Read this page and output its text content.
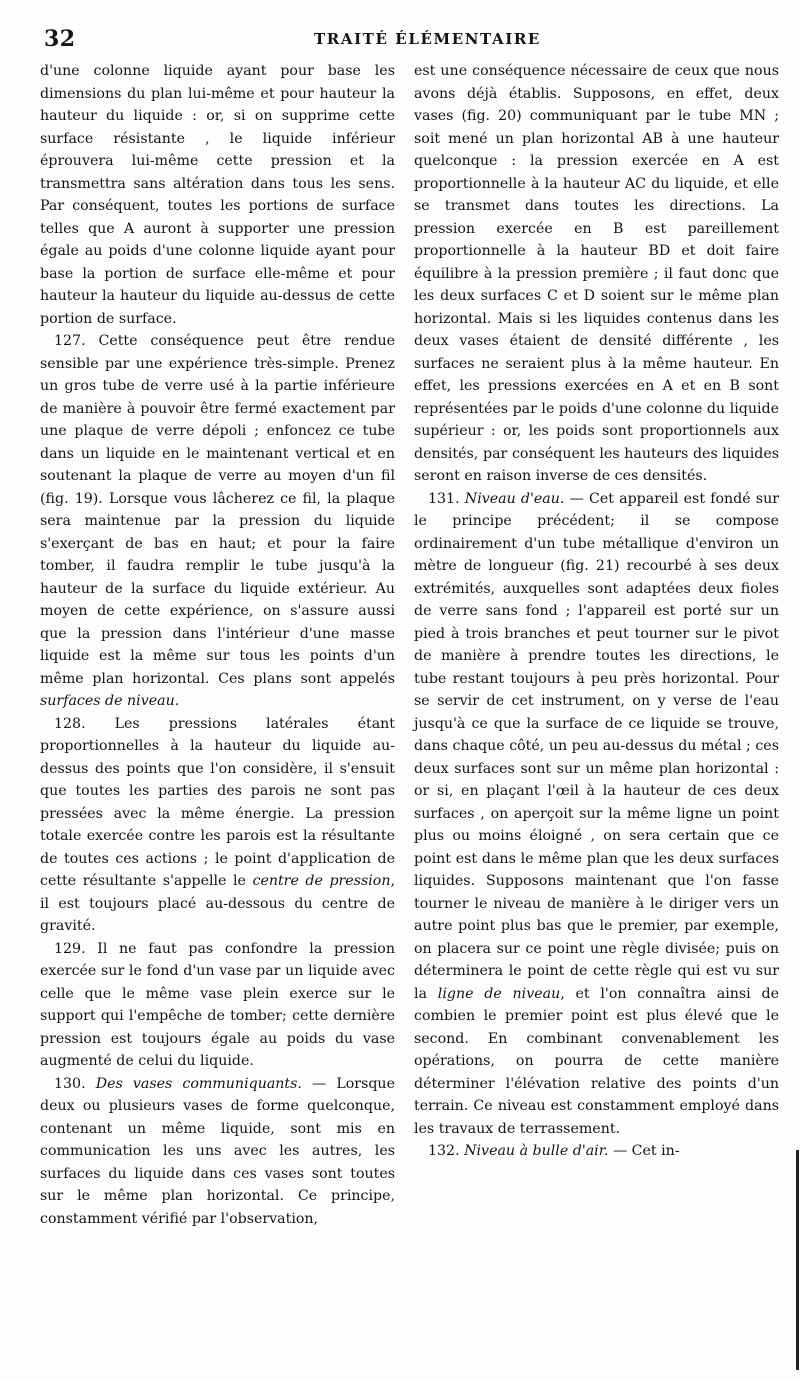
32	TRAITÉ ÉLÉMENTAIRE

d'une colonne liquide ayant pour base les dimensions du plan lui-même et pour hauteur la hauteur du liquide : or, si on supprime cette surface résistante , le liquide inférieur éprouvera lui-même cette pression et la transmettra sans altération dans tous les sens. Par conséquent, toutes les portions de surface telles que A auront à supporter une pression égale au poids d'une colonne liquide ayant pour base la portion de surface elle-même et pour hauteur la hauteur du liquide au-dessus de cette portion de surface.

127. Cette conséquence peut être rendue sensible par une expérience très-simple. Prenez un gros tube de verre usé à la partie inférieure de manière à pouvoir être fermé exactement par une plaque de verre dépoli ; enfoncez ce tube dans un liquide en le maintenant vertical et en soutenant la plaque de verre au moyen d'un fil (fig. 19). Lorsque vous lâcherez ce fil, la plaque sera maintenue par la pression du liquide s'exerçant de bas en haut; et pour la faire tomber, il faudra remplir le tube jusqu'à la hauteur de la surface du liquide extérieur. Au moyen de cette expérience, on s'assure aussi que la pression dans l'intérieur d'une masse liquide est la même sur tous les points d'un même plan horizontal. Ces plans sont appelés surfaces de niveau.

128. Les pressions latérales étant proportionnelles à la hauteur du liquide au-dessus des points que l'on considère, il s'ensuit que toutes les parties des parois ne sont pas pressées avec la même énergie. La pression totale exercée contre les parois est la résultante de toutes ces actions ; le point d'application de cette résultante s'appelle le centre de pression, il est toujours placé au-dessous du centre de gravité.

129. Il ne faut pas confondre la pression exercée sur le fond d'un vase par un liquide avec celle que le même vase plein exerce sur le support qui l'empêche de tomber; cette dernière pression est toujours égale au poids du vase augmenté de celui du liquide.

130. Des vases communiquants. — Lorsque deux ou plusieurs vases de forme quelconque, contenant un même liquide, sont mis en communication les uns avec les autres, les surfaces du liquide dans ces vases sont toutes sur le même plan horizontal. Ce principe, constamment vérifié par l'observation,

est une conséquence nécessaire de ceux que nous avons déjà établis. Supposons, en effet, deux vases (fig. 20) communiquant par le tube MN ; soit mené un plan horizontal AB à une hauteur quelconque : la pression exercée en A est proportionnelle à la hauteur AC du liquide, et elle se transmet dans toutes les directions. La pression exercée en B est pareillement proportionnelle à la hauteur BD et doit faire équilibre à la pression première ; il faut donc que les deux surfaces C et D soient sur le même plan horizontal. Mais si les liquides contenus dans les deux vases étaient de densité différente , les surfaces ne seraient plus à la même hauteur. En effet, les pressions exercées en A et en B sont représentées par le poids d'une colonne du liquide supérieur : or, les poids sont proportionnels aux densités, par conséquent les hauteurs des liquides seront en raison inverse de ces densités.

131. Niveau d'eau. — Cet appareil est fondé sur le principe précédent; il se compose ordinairement d'un tube métallique d'environ un mètre de longueur (fig. 21) recourbé à ses deux extrémités, auxquelles sont adaptées deux fioles de verre sans fond ; l'appareil est porté sur un pied à trois branches et peut tourner sur le pivot de manière à prendre toutes les directions, le tube restant toujours à peu près horizontal. Pour se servir de cet instrument, on y verse de l'eau jusqu'à ce que la surface de ce liquide se trouve, dans chaque côté, un peu au-dessus du métal ; ces deux surfaces sont sur un même plan horizontal : or si, en plaçant l'œil à la hauteur de ces deux surfaces , on aperçoit sur la même ligne un point plus ou moins éloigné , on sera certain que ce point est dans le même plan que les deux surfaces liquides. Supposons maintenant que l'on fasse tourner le niveau de manière à le diriger vers un autre point plus bas que le premier, par exemple, on placera sur ce point une règle divisée; puis on déterminera le point de cette règle qui est vu sur la ligne de niveau, et l'on connaîtra ainsi de combien le premier point est plus élevé que le second. En combinant convenablement les opérations, on pourra de cette manière déterminer l'élévation relative des points d'un terrain. Ce niveau est constamment employé dans les travaux de terrassement.

132. Niveau à bulle d'air. — Cet in-
